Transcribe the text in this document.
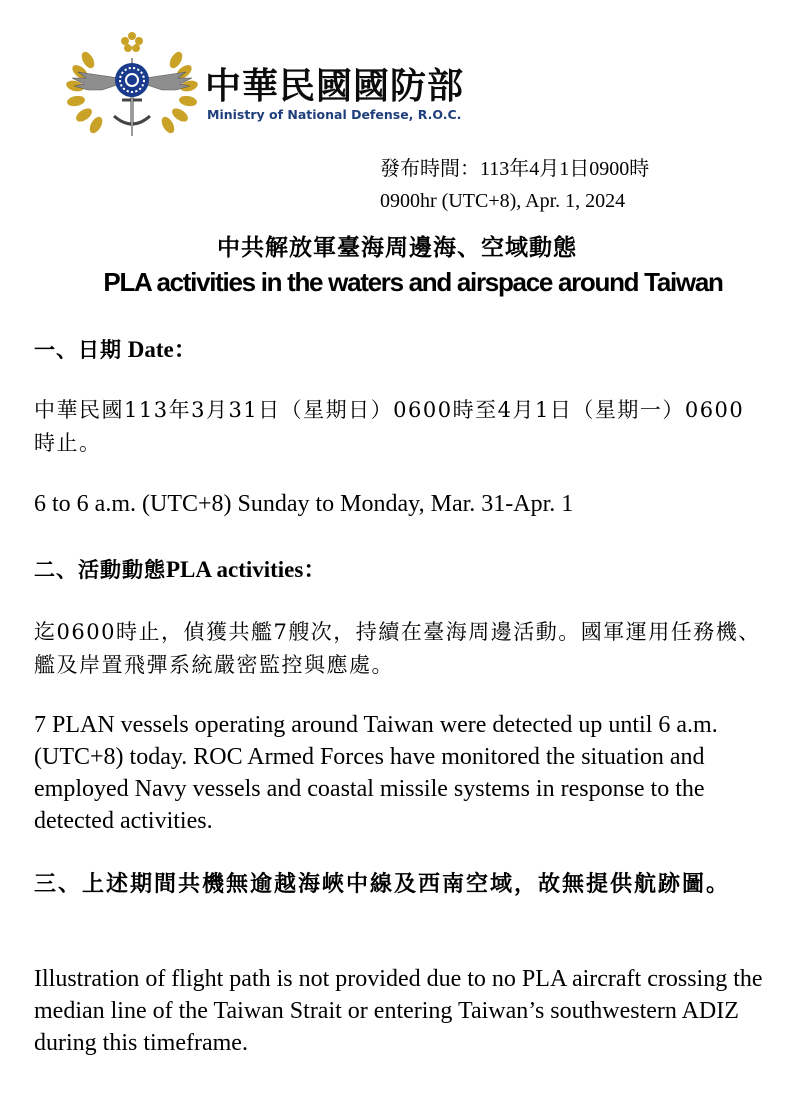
中華民國國防部
Ministry of National Defense, R.O.C.
發布時間：113年4月1日0900時
0900hr (UTC+8), Apr. 1, 2024
中共解放軍臺海周邊海、空域動態
PLA activities in the waters and airspace around Taiwan
一、日期 Date：

中華民國113年3月31日（星期日）0600時至4月1日（星期一）0600時止。

6 to 6 a.m. (UTC+8) Sunday to Monday, Mar. 31-Apr. 1

二、活動動態PLA activities：

迄0600時止，偵獲共艦7艘次，持續在臺海周邊活動。國軍運用任務機、艦及岸置飛彈系統嚴密監控與應處。

7 PLAN vessels operating around Taiwan were detected up until 6 a.m. (UTC+8) today. ROC Armed Forces have monitored the situation and employed Navy vessels and coastal missile systems in response to the detected activities.

三、上述期間共機無逾越海峽中線及西南空域，故無提供航跡圖。

Illustration of flight path is not provided due to no PLA aircraft crossing the median line of the Taiwan Strait or entering Taiwan’s southwestern ADIZ during this timeframe.
